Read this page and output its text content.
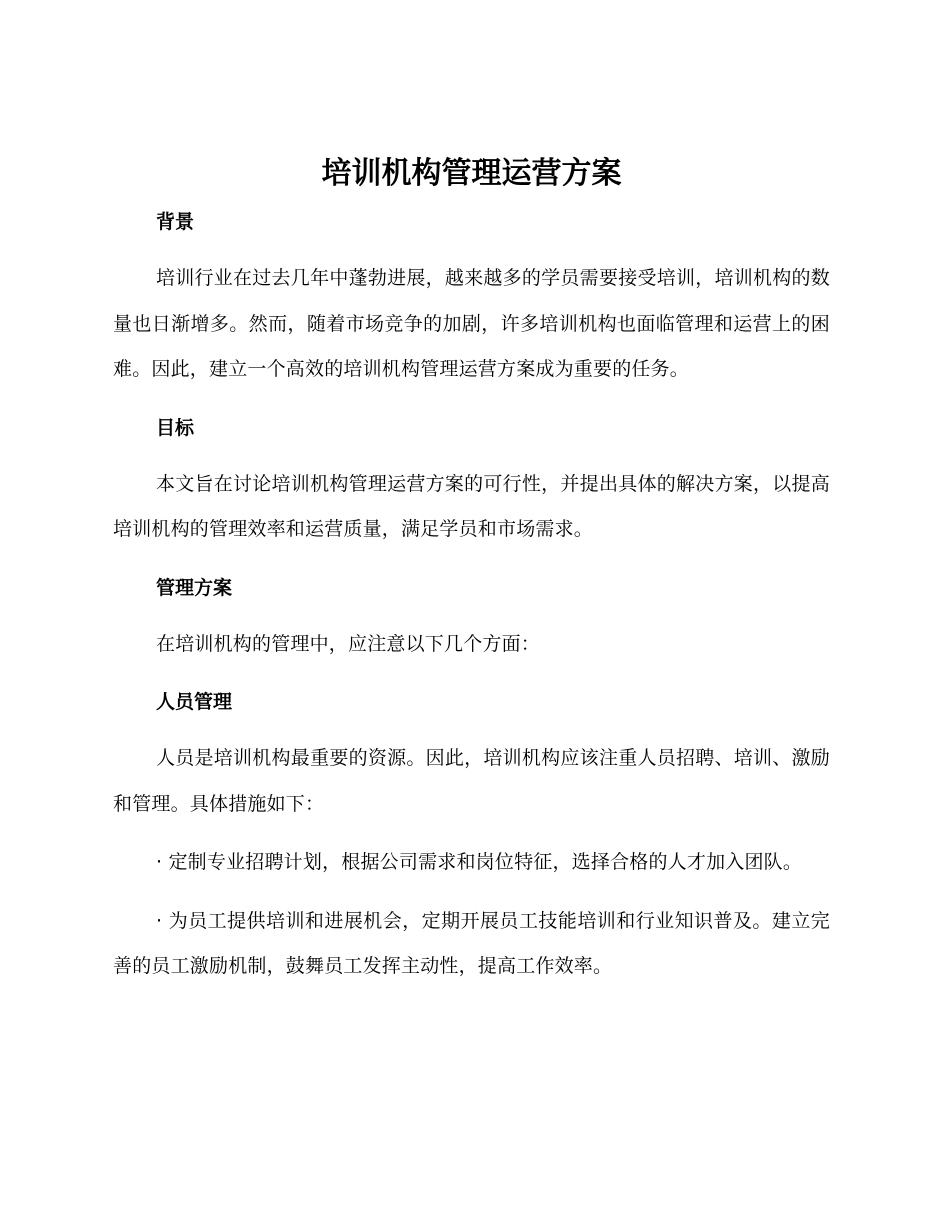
培训机构管理运营方案
背景

培训行业在过去几年中蓬勃进展，越来越多的学员需要接受培训，培训机构的数量也日渐增多。然而，随着市场竞争的加剧，许多培训机构也面临管理和运营上的困难。因此，建立一个高效的培训机构管理运营方案成为重要的任务。

目标

本文旨在讨论培训机构管理运营方案的可行性，并提出具体的解决方案，以提高培训机构的管理效率和运营质量，满足学员和市场需求。

管理方案

在培训机构的管理中，应注意以下几个方面：

人员管理

人员是培训机构最重要的资源。因此，培训机构应该注重人员招聘、培训、激励和管理。具体措施如下：

· 定制专业招聘计划，根据公司需求和岗位特征，选择合格的人才加入团队。

· 为员工提供培训和进展机会，定期开展员工技能培训和行业知识普及。建立完善的员工激励机制，鼓舞员工发挥主动性，提高工作效率。
